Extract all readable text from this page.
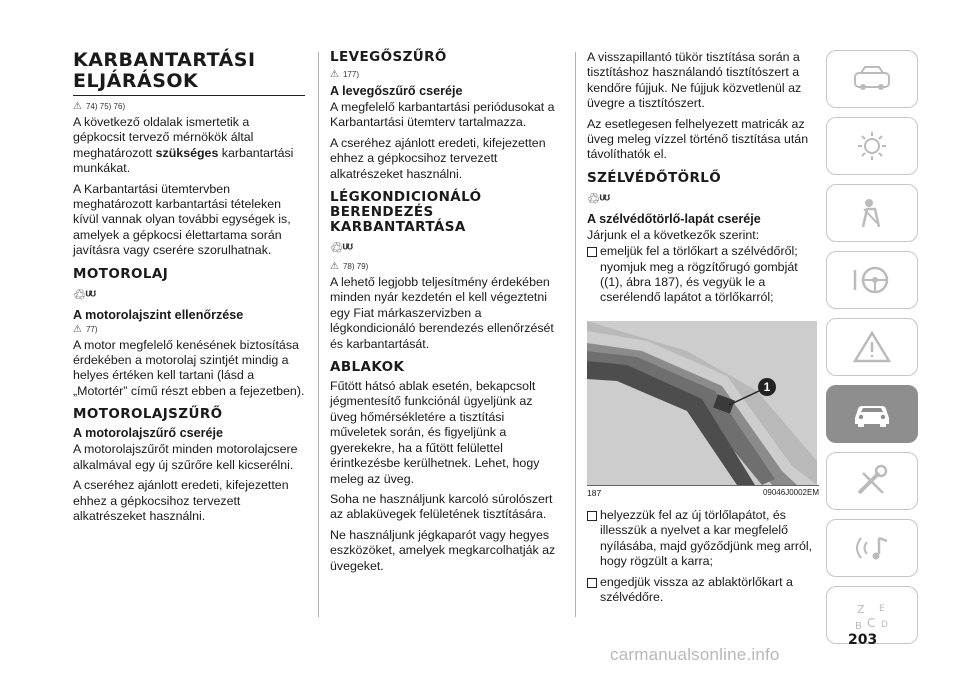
KARBANTARTÁSI ELJÁRÁSOK
⚠ 74) 75) 76)

A következő oldalak ismertetik a gépkocsit tervező mérnökök által meghatározott szükséges karbantartási munkákat.

A Karbantartási ütemtervben meghatározott karbantartási tételeken kívül vannak olyan további egységek is, amelyek a gépkocsi élettartama során javításra vagy cserére szorulhatnak.

MOTOROLAJ
♲ᶸᶷ
A motorolajszint ellenőrzése
⚠ 77)

A motor megfelelő kenésének biztosítása érdekében a motorolaj szintjét mindig a helyes értéken kell tartani (lásd a „Motortér” című részt ebben a fejezetben).

MOTOROLAJSZŰRŐ
A motorolajszűrő cseréje

A motorolajszűrőt minden motorolajcsere alkalmával egy új szűrőre kell kicserélni.

A cseréhez ajánlott eredeti, kifejezetten ehhez a gépkocsihoz tervezett alkatrészeket használni.

LEVEGŐSZŰRŐ
⚠ 177)
A levegőszűrő cseréje

A megfelelő karbantartási periódusokat a Karbantartási ütemterv tartalmazza.

A cseréhez ajánlott eredeti, kifejezetten ehhez a gépkocsihoz tervezett alkatrészeket használni.

LÉGKONDICIONÁLÓ BERENDEZÉS KARBANTARTÁSA
♲ᶸᶷ
⚠ 78) 79)

A lehető legjobb teljesítmény érdekében minden nyár kezdetén el kell végeztetni egy Fiat márkaszervizben a légkondicionáló berendezés ellenőrzését és karbantartását.

ABLAKOK

Fűtött hátsó ablak esetén, bekapcsolt jégmentesítő funkciónál ügyeljünk az üveg hőmérsékletére a tisztítási műveletek során, és figyeljünk a gyerekekre, ha a fűtött felülettel érintkezésbe kerülhetnek. Lehet, hogy meleg az üveg.

Soha ne használjunk karcoló súrolószert az ablaküvegek felületének tisztítására.

Ne használjunk jégkaparót vagy hegyes eszközöket, amelyek megkarcolhatják az üvegeket.

A visszapillantó tükör tisztítása során a tisztításhoz használandó tisztítószert a kendőre fújjuk. Ne fújjuk közvetlenül az üvegre a tisztítószert.

Az esetlegesen felhelyezett matricák az üveg meleg vízzel történő tisztítása után távolíthatók el.

SZÉLVÉDŐTÖRLŐ
♲ᶸᶷ
A szélvédőtörlő-lapát cseréje

Járjunk el a következők szerint:

emeljük fel a törlőkart a szélvédőről; nyomjuk meg a rögzítőrugó gombját ((1), ábra 187), és vegyük le a cserélendő lapátot a törlőkarról;

1
187	09046J0002EM

helyezzük fel az új törlőlapátot, és illesszük a nyelvet a kar megfelelő nyílásába, majd győződjünk meg arról, hogy rögzült a karra;

engedjük vissza az ablaktörlőkart a szélvédőre.

Z E
B C D
203
carmanualsonline.info
